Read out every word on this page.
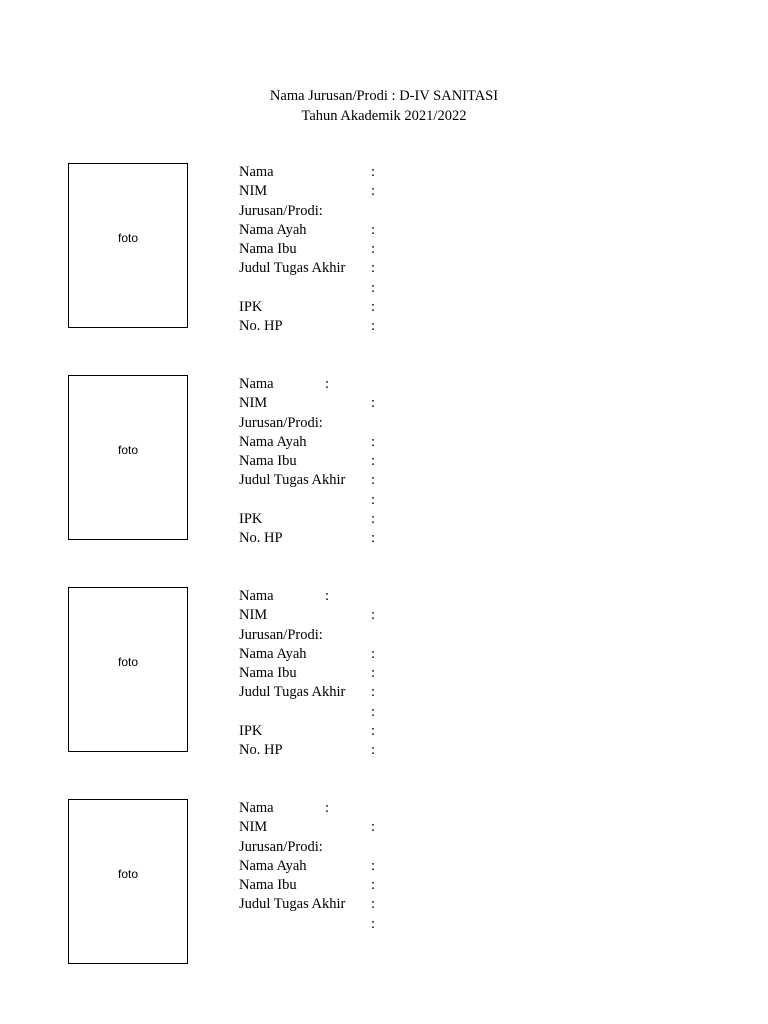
Nama Jurusan/Prodi : D-IV SANITASI
Tahun Akademik 2021/2022
foto
Nama	:
NIM	:
Jurusan/Prodi:
Nama Ayah	:
Nama Ibu	:
Judul Tugas Akhir :
:
IPK	:
No. HP	:
foto
Nama	:
NIM	:
Jurusan/Prodi:
Nama Ayah	:
Nama Ibu	:
Judul Tugas Akhir :
:
IPK	:
No. HP	:
foto
Nama	:
NIM	:
Jurusan/Prodi:
Nama Ayah	:
Nama Ibu	:
Judul Tugas Akhir :
:
IPK	:
No. HP	:
foto
Nama	:
NIM	:
Jurusan/Prodi:
Nama Ayah	:
Nama Ibu	:
Judul Tugas Akhir :
:
